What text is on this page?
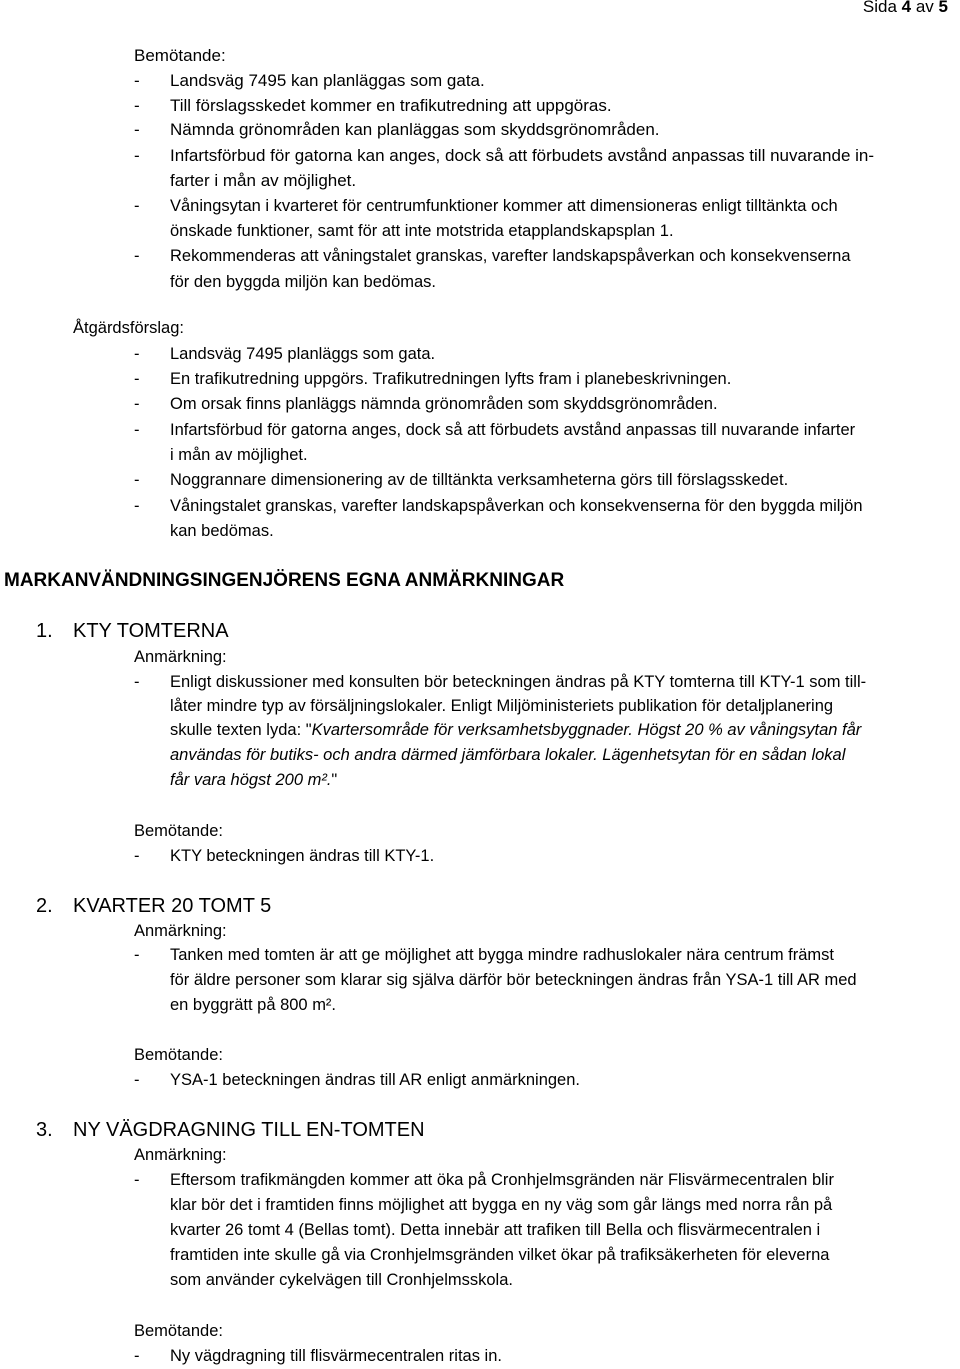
Sida 4 av 5
Bemötande:
- Landsväg 7495 kan planläggas som gata.
- Till förslagsskedet kommer en trafikutredning att uppgöras.
- Nämnda grönområden kan planläggas som skyddsgrönområden.
- Infartsförbud för gatorna kan anges, dock så att förbudets avstånd anpassas till nuvarande in-
farter i mån av möjlighet.
- Våningsytan i kvarteret för centrumfunktioner kommer att dimensioneras enligt tilltänkta och
önskade funktioner, samt för att inte motstrida etapplandskapsplan 1.
- Rekommenderas att våningstalet granskas, varefter landskapspåverkan och konsekvenserna
för den byggda miljön kan bedömas.
Åtgärdsförslag:
- Landsväg 7495 planläggs som gata.
- En trafikutredning uppgörs. Trafikutredningen lyfts fram i planebeskrivningen.
- Om orsak finns planläggs nämnda grönområden som skyddsgrönområden.
- Infartsförbud för gatorna anges, dock så att förbudets avstånd anpassas till nuvarande infarter
i mån av möjlighet.
- Noggrannare dimensionering av de tilltänkta verksamheterna görs till förslagsskedet.
- Våningstalet granskas, varefter landskapspåverkan och konsekvenserna för den byggda miljön
kan bedömas.
MARKANVÄNDNINGSINGENJÖRENS EGNA ANMÄRKNINGAR
1. KTY TOMTERNA
Anmärkning:
- Enligt diskussioner med konsulten bör beteckningen ändras på KTY tomterna till KTY-1 som till-
låter mindre typ av försäljningslokaler. Enligt Miljöministeriets publikation för detaljplanering
skulle texten lyda: "Kvartersområde för verksamhetsbyggnader. Högst 20 % av våningsytan får
användas för butiks- och andra därmed jämförbara lokaler. Lägenhetsytan för en sådan lokal
får vara högst 200 m²."
Bemötande:
- KTY beteckningen ändras till KTY-1.
2. KVARTER 20 TOMT 5
Anmärkning:
- Tanken med tomten är att ge möjlighet att bygga mindre radhuslokaler nära centrum främst
för äldre personer som klarar sig själva därför bör beteckningen ändras från YSA-1 till AR med
en byggrätt på 800 m².
Bemötande:
- YSA-1 beteckningen ändras till AR enligt anmärkningen.
3. NY VÄGDRAGNING TILL EN-TOMTEN
Anmärkning:
- Eftersom trafikmängden kommer att öka på Cronhjelmsgränden när Flisvärmecentralen blir
klar bör det i framtiden finns möjlighet att bygga en ny väg som går längs med norra rån på
kvarter 26 tomt 4 (Bellas tomt). Detta innebär att trafiken till Bella och flisvärmecentralen i
framtiden inte skulle gå via Cronhjelmsgränden vilket ökar på trafiksäkerheten för eleverna
som använder cykelvägen till Cronhjelmsskola.
Bemötande:
- Ny vägdragning till flisvärmecentralen ritas in.
